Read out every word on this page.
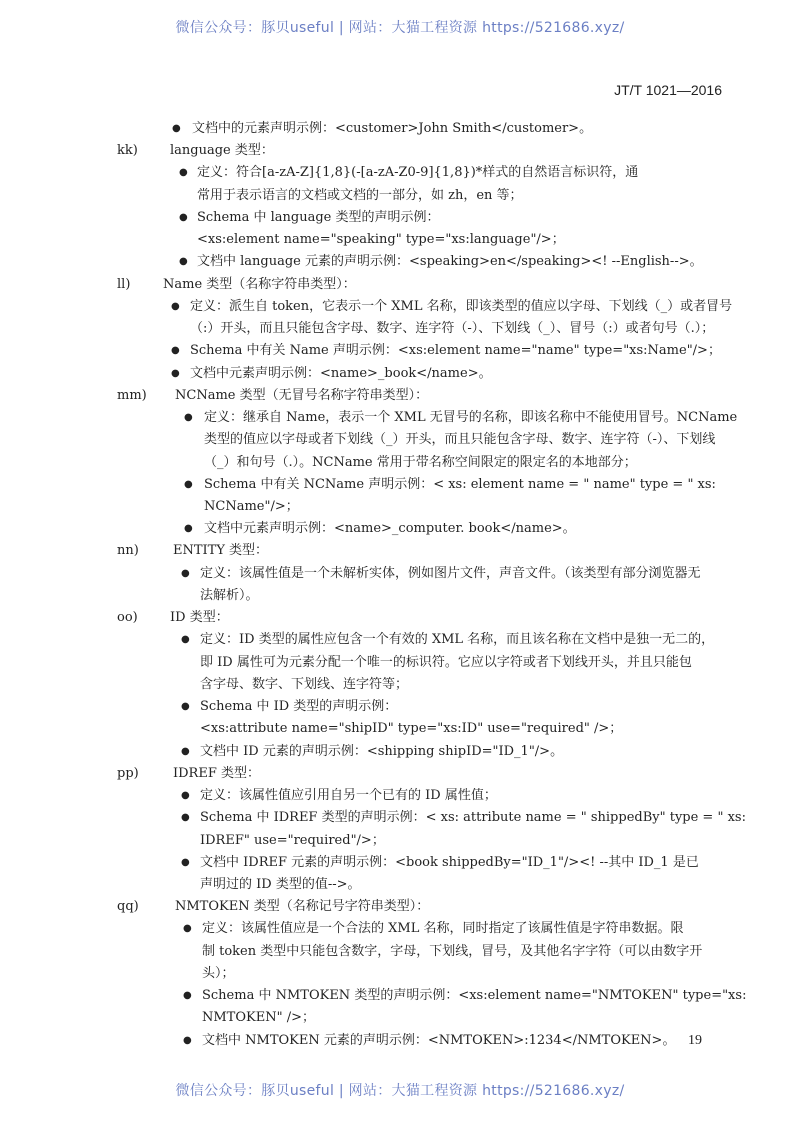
微信公众号：豚贝useful | 网站：大猫工程资源 https://521686.xyz/
JT/T 1021—2016
● 文档中的元素声明示例：<customer>John Smith</customer>。
kk) language 类型：
● 定义：符合[a-zA-Z]{1,8}(-[a-zA-Z0-9]{1,8})*样式的自然语言标识符，通
常用于表示语言的文档或文档的一部分，如 zh，en 等；
● Schema 中 language 类型的声明示例：
<xs:element name="speaking" type="xs:language"/>；
● 文档中 language 元素的声明示例：<speaking>en</speaking><! --English-->。
ll)	Name 类型（名称字符串类型）：
● 定义：派生自 token，它表示一个 XML 名称，即该类型的值应以字母、下划线（_）或者冒号
（:）开头，而且只能包含字母、数字、连字符（-）、下划线（_）、冒号（:）或者句号（.）；
● Schema 中有关 Name 声明示例：<xs:element name="name" type="xs:Name"/>；
● 文档中元素声明示例：<name>_book</name>。
mm) NCName 类型（无冒号名称字符串类型）：
● 定义：继承自 Name，表示一个 XML 无冒号的名称，即该名称中不能使用冒号。NCName
类型的值应以字母或者下划线（_）开头，而且只能包含字母、数字、连字符（-）、下划线
（_）和句号（.）。NCName 常用于带名称空间限定的限定名的本地部分；
● Schema 中有关 NCName 声明示例：< xs: element name = " name" type = " xs:
NCName"/>；
● 文档中元素声明示例：<name>_computer. book</name>。
nn)	ENTITY 类型：
● 定义：该属性值是一个未解析实体，例如图片文件，声音文件。（该类型有部分浏览器无
法解析）。
oo) ID 类型：
● 定义：ID 类型的属性应包含一个有效的 XML 名称，而且该名称在文档中是独一无二的，
即 ID 属性可为元素分配一个唯一的标识符。它应以字符或者下划线开头，并且只能包
含字母、数字、下划线、连字符等；
● Schema 中 ID 类型的声明示例：
<xs:attribute name="shipID" type="xs:ID" use="required" />；
● 文档中 ID 元素的声明示例：<shipping shipID="ID_1"/>。
pp)	IDREF 类型：
● 定义：该属性值应引用自另一个已有的 ID 属性值；
● Schema 中 IDREF 类型的声明示例：< xs: attribute name = " shippedBy" type = " xs:
IDREF" use="required"/>；
● 文档中 IDREF 元素的声明示例：<book shippedBy="ID_1"/><! --其中 ID_1 是已
声明过的 ID 类型的值-->。
qq)	NMTOKEN 类型（名称记号字符串类型）：
● 定义：该属性值应是一个合法的 XML 名称，同时指定了该属性值是字符串数据。限
制 token 类型中只能包含数字，字母，下划线，冒号，及其他名字字符（可以由数字开
头）；
● Schema 中 NMTOKEN 类型的声明示例：<xs:element name="NMTOKEN" type="xs:
NMTOKEN" />；
● 文档中 NMTOKEN 元素的声明示例：<NMTOKEN>:1234</NMTOKEN>。 19
微信公众号：豚贝useful | 网站：大猫工程资源 https://521686.xyz/
